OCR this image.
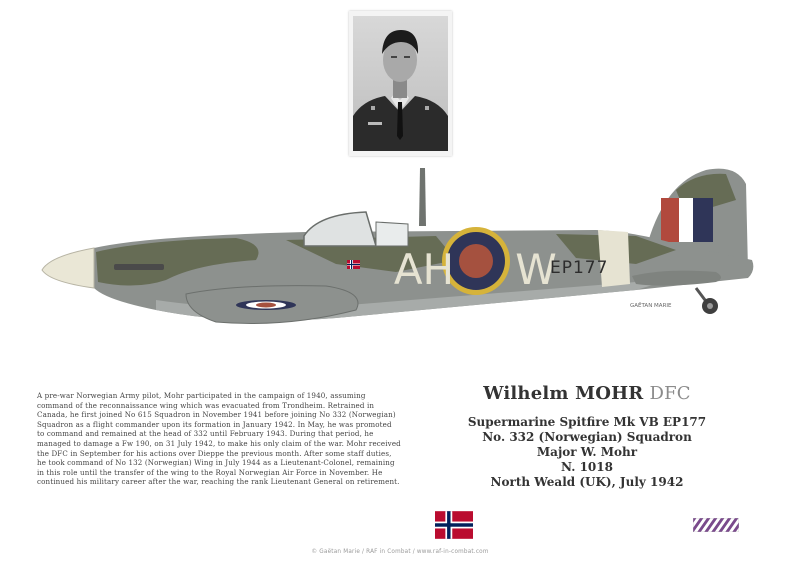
AH W
EP177
GAËTAN MARIE

A pre-war Norwegian Army pilot, Mohr participated in the campaign of 1940, assuming
command of the reconnaissance wing which was evacuated from Trondheim. Retrained in
Canada, he first joined No 615 Squadron in November 1941 before joining No 332 (Norwegian)
Squadron as a flight commander upon its formation in January 1942. In May, he was promoted
to command and remained at the head of 332 until February 1943. During that period, he
managed to damage a Fw 190, on 31 July 1942, to make his only claim of the war. Mohr received
the DFC in September for his actions over Dieppe the previous month. After some staff duties,
he took command of No 132 (Norwegian) Wing in July 1944 as a Lieutenant-Colonel, remaining
in this role until the transfer of the wing to the Royal Norwegian Air Force in November. He
continued his military career after the war, reaching the rank Lieutenant General on retirement.

Wilhelm MOHR DFC
Supermarine Spitfire Mk VB EP177
No. 332 (Norwegian) Squadron
Major W. Mohr
N. 1018
North Weald (UK), July 1942
© Gaëtan Marie / RAF in Combat / www.raf-in-combat.com
